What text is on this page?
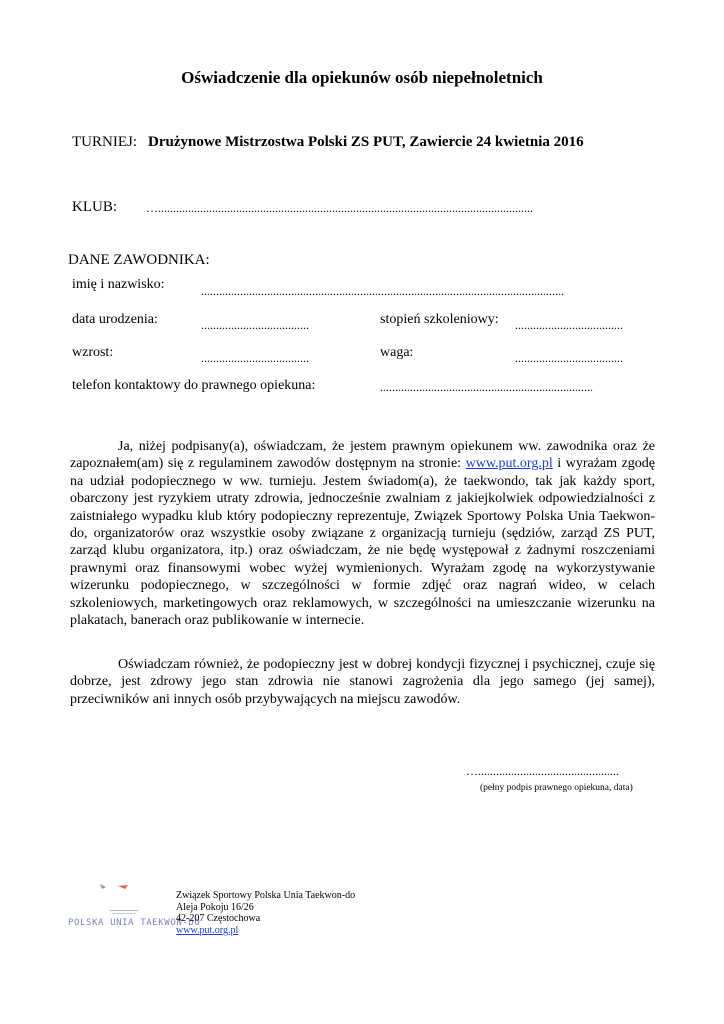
Oświadczenie dla opiekunów osób niepełnoletnich
TURNIEJ: Drużynowe Mistrzostwa Polski ZS PUT, Zawiercie 24 kwietnia 2016
KLUB: ….............................................................................................................................
DANE ZAWODNIKA:
imię i nazwisko:	.........................................................................................................................
data urodzenia:	....................................	stopień szkoleniowy: ....................................
wzrost:	....................................	waga:	....................................
telefon kontaktowy do prawnego opiekuna:	.......................................................................
Ja, niżej podpisany(a), oświadczam, że jestem prawnym opiekunem ww. zawodnika oraz że zapoznałem(am) się z regulaminem zawodów dostępnym na stronie: www.put.org.pl i wyrażam zgodę na udział podopiecznego w ww. turnieju. Jestem świadom(a), że taekwondo, tak jak każdy sport, obarczony jest ryzykiem utraty zdrowia, jednocześnie zwalniam z jakiejkolwiek odpowiedzialności z zaistniałego wypadku klub który podopieczny reprezentuje, Związek Sportowy Polska Unia Taekwon-do, organizatorów oraz wszystkie osoby związane z organizacją turnieju (sędziów, zarząd ZS PUT, zarząd klubu organizatora, itp.) oraz oświadczam, że nie będę występował z żadnymi roszczeniami prawnymi oraz finansowymi wobec wyżej wymienionych. Wyrażam zgodę na wykorzystywanie wizerunku podopiecznego, w szczególności w formie zdjęć oraz nagrań wideo, w celach szkoleniowych, marketingowych oraz reklamowych, w szczególności na umieszczanie wizerunku na plakatach, banerach oraz publikowanie w internecie.
Oświadczam również, że podopieczny jest w dobrej kondycji fizycznej i psychicznej, czuje się dobrze, jest zdrowy jego stan zdrowia nie stanowi zagrożenia dla jego samego (jej samej), przeciwników ani innych osób przybywających na miejscu zawodów.
…...............................................
(pełny podpis prawnego opiekuna, data)
POLSKA UNIA TAEKWON-DO
Związek Sportowy Polska Unia Taekwon-do
Aleja Pokoju 16/26
42-207 Częstochowa
www.put.org.pl
